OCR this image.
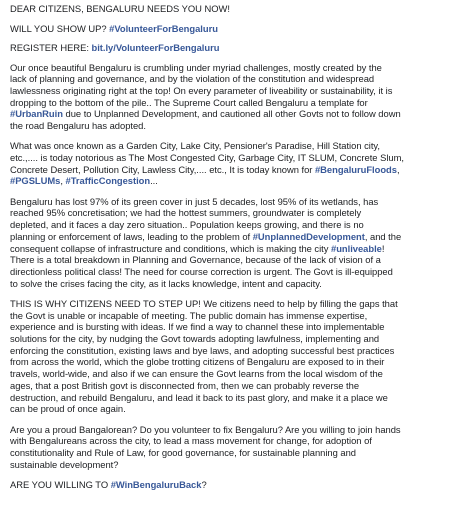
DEAR CITIZENS, BENGALURU NEEDS YOU NOW!
WILL YOU SHOW UP? #VolunteerForBengaluru
REGISTER HERE: bit.ly/VolunteerForBengaluru
Our once beautiful Bengaluru is crumbling under myriad challenges, mostly created by the
lack of planning and governance, and by the violation of the constitution and widespread
lawlessness originating right at the top! On every parameter of liveability or sustainability, it is
dropping to the bottom of the pile.. The Supreme Court called Bengaluru a template for
#UrbanRuin due to Unplanned Development, and cautioned all other Govts not to follow down
the road Bengaluru has adopted.
What was once known as a Garden City, Lake City, Pensioner's Paradise, Hill Station city,
etc.,.... is today notorious as The Most Congested City, Garbage City, IT SLUM, Concrete Slum,
Concrete Desert, Pollution City, Lawless City,.... etc., It is today known for #BengaluruFloods,
#PGSLUMs, #TrafficCongestion...
Bengaluru has lost 97% of its green cover in just 5 decades, lost 95% of its wetlands, has
reached 95% concretisation; we had the hottest summers, groundwater is completely
depleted, and it faces a day zero situation.. Population keeps growing, and there is no
planning or enforcement of laws, leading to the problem of #UnplannedDevelopment, and the
consequent collapse of infrastructure and conditions, which is making the city #unliveable!
There is a total breakdown in Planning and Governance, because of the lack of vision of a
directionless political class! The need for course correction is urgent. The Govt is ill-equipped
to solve the crises facing the city, as it lacks knowledge, intent and capacity.
THIS IS WHY CITIZENS NEED TO STEP UP! We citizens need to help by filling the gaps that
the Govt is unable or incapable of meeting. The public domain has immense expertise,
experience and is bursting with ideas. If we find a way to channel these into implementable
solutions for the city, by nudging the Govt towards adopting lawfulness, implementing and
enforcing the constitution, existing laws and bye laws, and adopting successful best practices
from across the world, which the globe trotting citizens of Bengaluru are exposed to in their
travels, world-wide, and also if we can ensure the Govt learns from the local wisdom of the
ages, that a post British govt is disconnected from, then we can probably reverse the
destruction, and rebuild Bengaluru, and lead it back to its past glory, and make it a place we
can be proud of once again.
Are you a proud Bangalorean? Do you volunteer to fix Bengaluru? Are you willing to join hands
with Bengalureans across the city, to lead a mass movement for change, for adoption of
constitutionality and Rule of Law, for good governance, for sustainable planning and
sustainable development?
ARE YOU WILLING TO #WinBengaluruBack?
